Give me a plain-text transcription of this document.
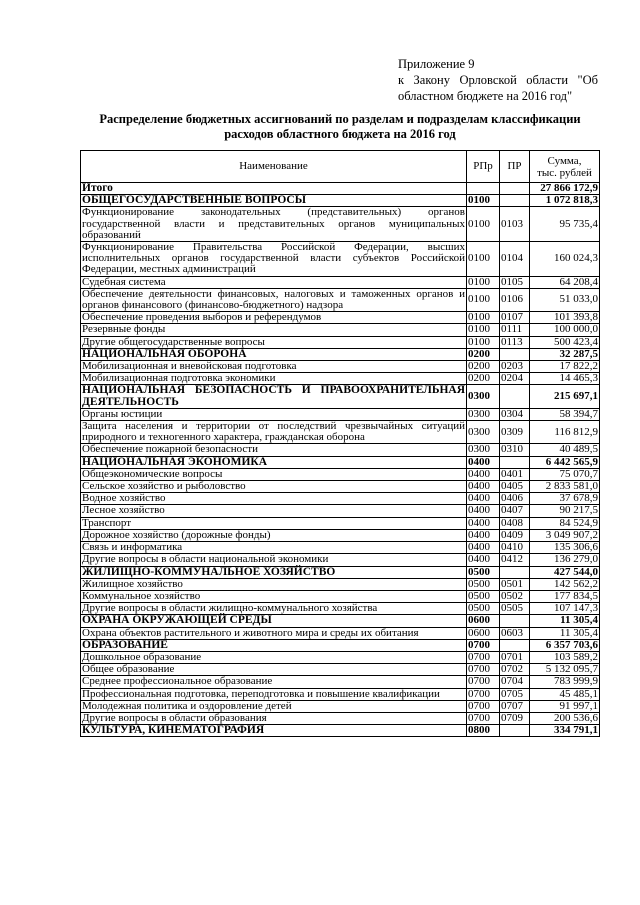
Приложение 9
к Закону Орловской области "Об
областном бюджете на 2016 год"
Распределение бюджетных ассигнований по разделам и подразделам классификации
расходов областного бюджета на 2016 год
Наименование	РПр	ПР	Сумма,
тыс. рублей

Итого			27 866 172,9
ОБЩЕГОСУДАРСТВЕННЫЕ ВОПРОСЫ	0100		1 072 818,3
Функционирование законодательных (представительных) органов государственной власти и представительных органов муниципальных образований	0100	0103	95 735,4
Функционирование Правительства Российской Федерации, высших исполнительных органов государственной власти субъектов Российской Федерации, местных администраций	0100	0104	160 024,3
Судебная система	0100	0105	64 208,4
Обеспечение деятельности финансовых, налоговых и таможенных органов и органов финансового (финансово-бюджетного) надзора	0100	0106	51 033,0
Обеспечение проведения выборов и референдумов	0100	0107	101 393,8
Резервные фонды	0100	0111	100 000,0
Другие общегосударственные вопросы	0100	0113	500 423,4
НАЦИОНАЛЬНАЯ ОБОРОНА	0200		32 287,5
Мобилизационная и вневойсковая подготовка	0200	0203	17 822,2
Мобилизационная подготовка экономики	0200	0204	14 465,3
НАЦИОНАЛЬНАЯ БЕЗОПАСНОСТЬ И ПРАВООХРАНИТЕЛЬНАЯ ДЕЯТЕЛЬНОСТЬ	0300		215 697,1
Органы юстиции	0300	0304	58 394,7
Защита населения и территории от последствий чрезвычайных ситуаций природного и техногенного характера, гражданская оборона	0300	0309	116 812,9
Обеспечение пожарной безопасности	0300	0310	40 489,5
НАЦИОНАЛЬНАЯ ЭКОНОМИКА	0400		6 442 565,9
Общеэкономические вопросы	0400	0401	75 070,7
Сельское хозяйство и рыболовство	0400	0405	2 833 581,0
Водное хозяйство	0400	0406	37 678,9
Лесное хозяйство	0400	0407	90 217,5
Транспорт	0400	0408	84 524,9
Дорожное хозяйство (дорожные фонды)	0400	0409	3 049 907,2
Связь и информатика	0400	0410	135 306,6
Другие вопросы в области национальной экономики	0400	0412	136 279,0
ЖИЛИЩНО-КОММУНАЛЬНОЕ ХОЗЯЙСТВО	0500		427 544,0
Жилищное хозяйство	0500	0501	142 562,2
Коммунальное хозяйство	0500	0502	177 834,5
Другие вопросы в области жилищно-коммунального хозяйства	0500	0505	107 147,3
ОХРАНА ОКРУЖАЮЩЕЙ СРЕДЫ	0600		11 305,4
Охрана объектов растительного и животного мира и среды их обитания	0600	0603	11 305,4
ОБРАЗОВАНИЕ	0700		6 357 703,6
Дошкольное образование	0700	0701	103 589,2
Общее образование	0700	0702	5 132 095,7
Среднее профессиональное образование	0700	0704	783 999,9
Профессиональная подготовка, переподготовка и повышение квалификации	0700	0705	45 485,1
Молодежная политика и оздоровление детей	0700	0707	91 997,1
Другие вопросы в области образования	0700	0709	200 536,6
КУЛЬТУРА, КИНЕМАТОГРАФИЯ	0800		334 791,1
